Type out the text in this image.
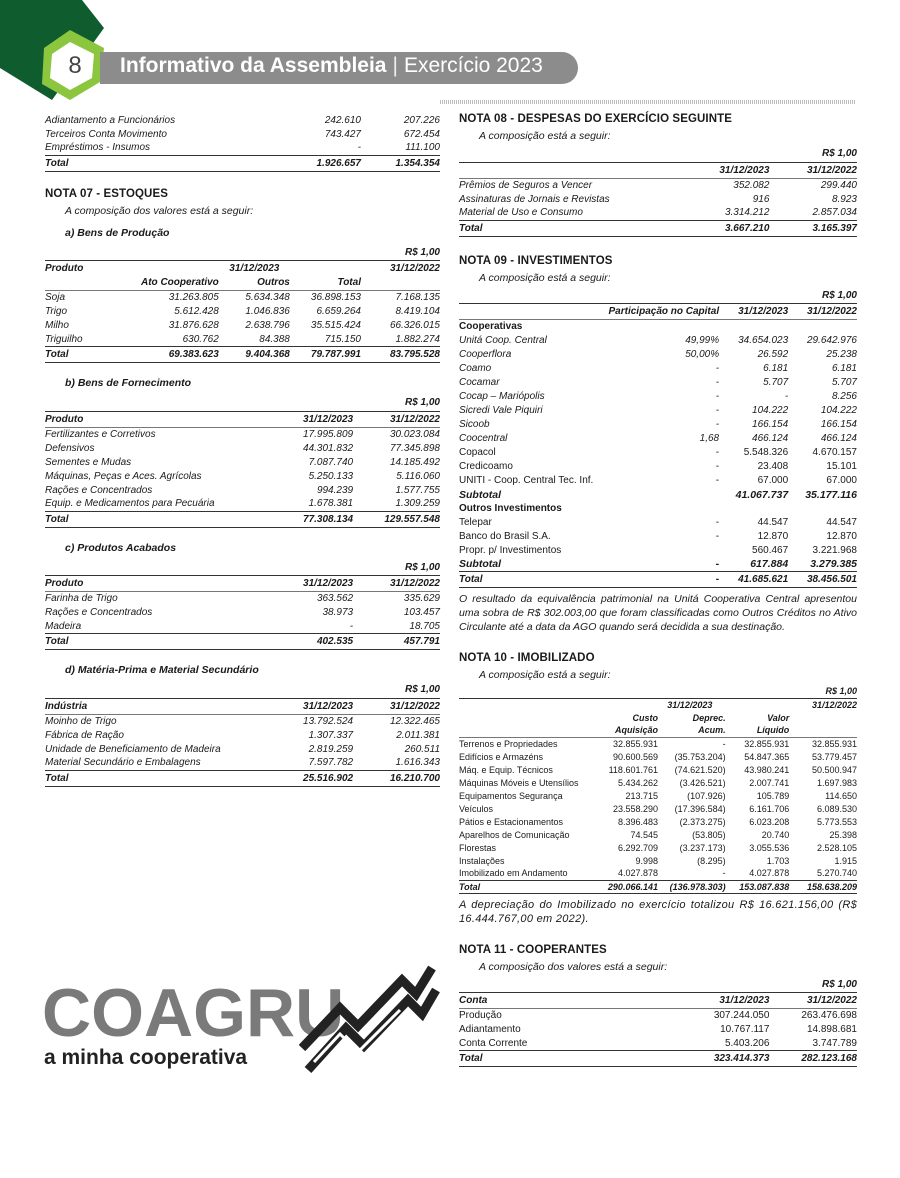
8	Informativo da Assembleia | Exercício 2023
Adiantamento a Funcionários	242.610	207.226
Terceiros Conta Movimento	743.427	672.454
Empréstimos - Insumos	-	111.100
Total	1.926.657	1.354.354
NOTA 07 - ESTOQUES
A composição dos valores está a seguir:
a) Bens de Produção
R$ 1,00				
Produto		31/12/2023		31/12/2022
	Ato Cooperativo	Outros	Total	
Soja	31.263.805	5.634.348	36.898.153	7.168.135
Trigo	5.612.428	1.046.836	6.659.264	8.419.104
Milho	31.876.628	2.638.796	35.515.424	66.326.015
Triguilho	630.762	84.388	715.150	1.882.274
Total	69.383.623	9.404.368	79.787.991	83.795.528
b) Bens de Fornecimento
R$ 1,00		
Produto	31/12/2023	31/12/2022
Fertilizantes e Corretivos	17.995.809	30.023.084
Defensivos	44.301.832	77.345.898
Sementes e Mudas	7.087.740	14.185.492
Máquinas, Peças e Aces. Agrícolas	5.250.133	5.116.060
Rações e Concentrados	994.239	1.577.755
Equip. e Medicamentos para Pecuária	1.678.381	1.309.259
Total	77.308.134	129.557.548
c) Produtos Acabados
R$ 1,00		
Produto	31/12/2023	31/12/2022
Farinha de Trigo	363.562	335.629
Rações e Concentrados	38.973	103.457
Madeira	-	18.705
Total	402.535	457.791
d) Matéria-Prima e Material Secundário
R$ 1,00		
Indústria	31/12/2023	31/12/2022
Moinho de Trigo	13.792.524	12.322.465
Fábrica de Ração	1.307.337	2.011.381
Unidade de Beneficiamento de Madeira	2.819.259	260.511
Material Secundário e Embalagens	7.597.782	1.616.343
Total	25.516.902	16.210.700
NOTA 08 - DESPESAS DO EXERCÍCIO SEGUINTE
A composição está a seguir:
R$ 1,00		
	31/12/2023	31/12/2022
Prêmios de Seguros a Vencer	352.082	299.440
Assinaturas de Jornais e Revistas	916	8.923
Material de Uso e Consumo	3.314.212	2.857.034
Total	3.667.210	3.165.397
NOTA 09 - INVESTIMENTOS
A composição está a seguir:
R$ 1,00			
	Participação no Capital	31/12/2023	31/12/2022
Cooperativas			
Unitá Coop. Central	49,99%	34.654.023	29.642.976
Cooperflora	50,00%	26.592	25.238
Coamo	-	6.181	6.181
Cocamar	-	5.707	5.707
Cocap – Mariópolis	-	-	8.256
Sicredi Vale Piquiri	-	104.222	104.222
Sicoob	-	166.154	166.154
Coocentral	1,68	466.124	466.124
Copacol	-	5.548.326	4.670.157
Credicoamo	-	23.408	15.101
UNITI - Coop. Central Tec. Inf.	-	67.000	67.000
Subtotal		41.067.737	35.177.116
Outros Investimentos			
Telepar	-	44.547	44.547
Banco do Brasil S.A.	-	12.870	12.870
Propr. p/ Investimentos		560.467	3.221.968
Subtotal	-	617.884	3.279.385
Total	-	41.685.621	38.456.501

O resultado da equivalência patrimonial na Unitá Cooperativa Central apresentou uma sobra de R$ 302.003,00 que foram classificadas como Outros Créditos no Ativo Circulante até a data da AGO quando será decidida a sua destinação.

NOTA 10 - IMOBILIZADO
A composição está a seguir:
R$ 1,00				
	31/12/2023			31/12/2022
	Custo	Deprec.	Valor	
	Aquisição	Acum.	Líquido	
Terrenos e Propriedades	32.855.931	-	32.855.931	32.855.931
Edifícios e Armazéns	90.600.569	(35.753.204)	54.847.365	53.779.457
Máq. e Equip. Técnicos	118.601.761	(74.621.520)	43.980.241	50.500.947
Máquinas Móveis e Utensílios	5.434.262	(3.426.521)	2.007.741	1.697.983
Equipamentos Segurança	213.715	(107.926)	105.789	114.650
Veículos	23.558.290	(17.396.584)	6.161.706	6.089.530
Pátios e Estacionamentos	8.396.483	(2.373.275)	6.023.208	5.773.553
Aparelhos de Comunicação	74.545	(53.805)	20.740	25.398
Florestas	6.292.709	(3.237.173)	3.055.536	2.528.105
Instalações	9.998	(8.295)	1.703	1.915
Imobilizado em Andamento	4.027.878	-	4.027.878	5.270.740
Total	290.066.141	(136.978.303)	153.087.838	158.638.209

A depreciação do Imobilizado no exercício totalizou R$ 16.621.156,00 (R$ 16.444.767,00 em 2022).

NOTA 11 - COOPERANTES
A composição dos valores está a seguir:
R$ 1,00		
Conta	31/12/2023	31/12/2022
Produção	307.244.050	263.476.698
Adiantamento	10.767.117	14.898.681
Conta Corrente	5.403.206	3.747.789
Total	323.414.373	282.123.168
COAGRU
a minha cooperativa
